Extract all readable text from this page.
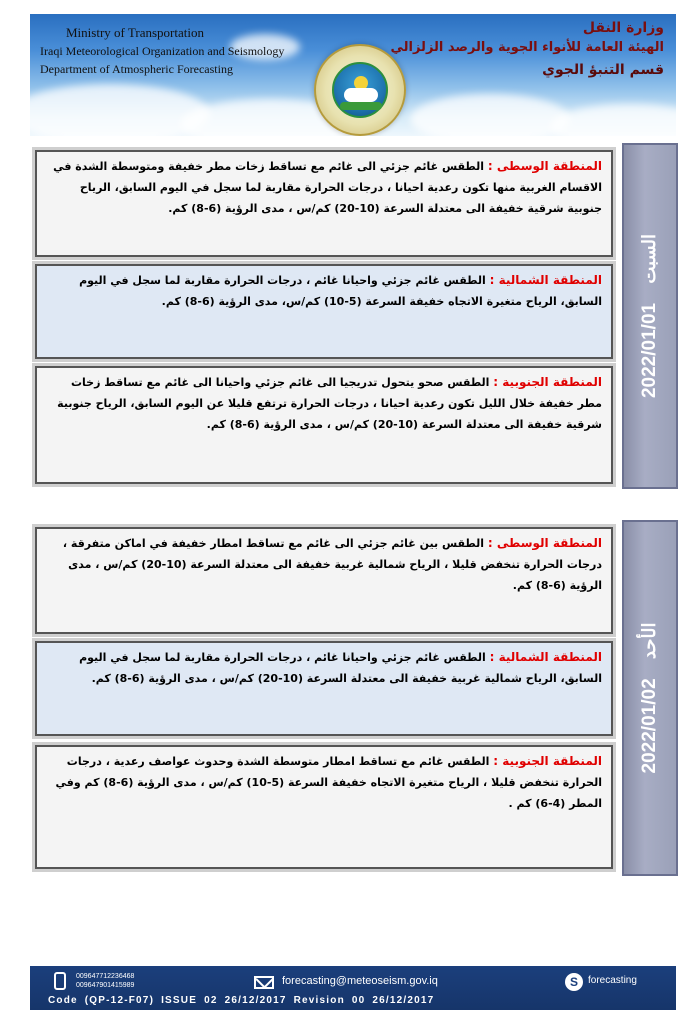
Ministry of Transportation
Iraqi Meteorological Organization and Seismology
Department of Atmospheric Forecasting
وزارة النقل
الهيئة العامة للأنواء الجوية والرصد الزلزالي
قسم التنبؤ الجوي
المنطقة الوسطى : الطقس غائم جزئي الى غائم مع تساقط زخات مطر خفيفة ومتوسطة الشدة في الاقسام الغربية منها تكون رعدية احيانا ، درجات الحرارة مقاربة لما سجل في اليوم السابق، الرياح جنوبية شرقية خفيفة الى معتدلة السرعة (10-20) كم/س ، مدى الرؤية (6-8) كم.
المنطقة الشمالية : الطقس غائم جزئي واحيانا غائم ، درجات الحرارة مقاربة لما سجل في اليوم السابق، الرياح متغيرة الاتجاه خفيفة السرعة (5-10) كم/س، مدى الرؤية (6-8) كم.
المنطقة الجنوبية : الطقس صحو يتحول تدريجيا الى غائم جزئي واحيانا الى غائم مع تساقط زخات مطر خفيفة خلال الليل تكون رعدية احيانا ، درجات الحرارة ترتفع قليلا عن اليوم السابق، الرياح جنوبية شرقية خفيفة الى معتدلة السرعة (10-20) كم/س ، مدى الرؤية (6-8) كم.
2022/01/01 السبت
المنطقة الوسطى : الطقس بين غائم جزئي الى غائم مع تساقط امطار خفيفة في اماكن متفرقة ، درجات الحرارة تنخفض قليلا ، الرياح شمالية غربية خفيفة الى معتدلة السرعة (10-20) كم/س ، مدى الرؤية (6-8) كم.
المنطقة الشمالية : الطقس غائم جزئي واحيانا غائم ، درجات الحرارة مقاربة لما سجل في اليوم السابق، الرياح شمالية غربية خفيفة الى معتدلة السرعة (10-20) كم/س ، مدى الرؤية (6-8) كم.
المنطقة الجنوبية : الطقس غائم مع تساقط امطار متوسطة الشدة وحدوث عواصف رعدية ، درجات الحرارة تنخفض قليلا ، الرياح متغيرة الاتجاه خفيفة السرعة (5-10) كم/س ، مدى الرؤية (6-8) كم وفي المطر (4-6) كم .
2022/01/02 الأحد
009647712236468
009647901415989	forecasting@meteoseism.gov.iq	S	forecasting
Code (QP-12-F07) ISSUE 02 26/12/2017 Revision 00 26/12/2017
